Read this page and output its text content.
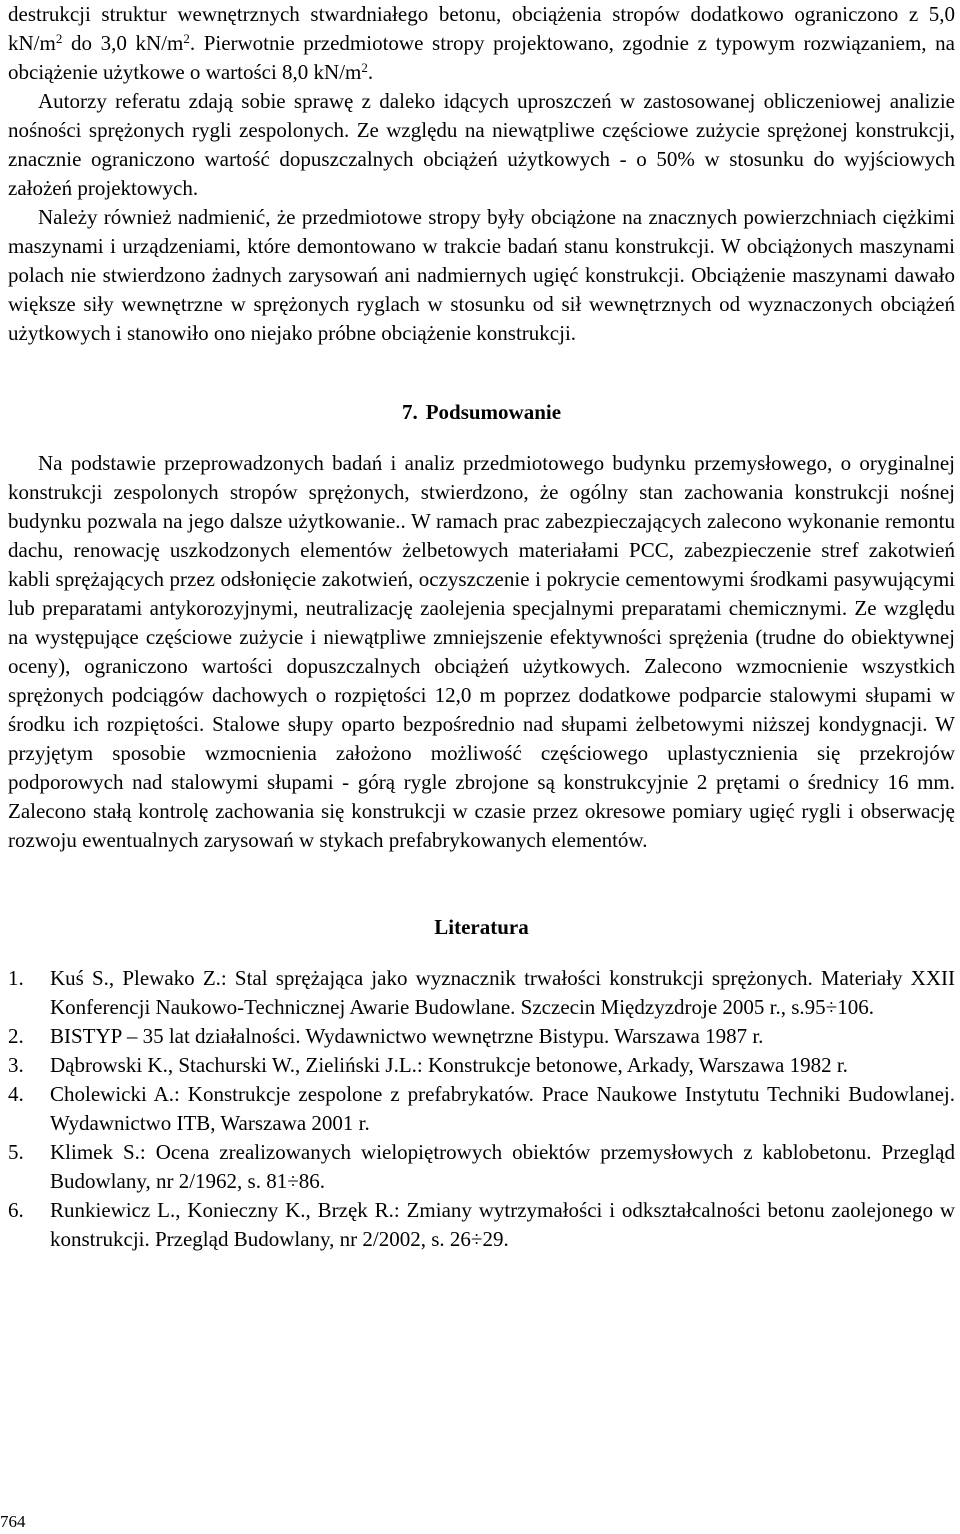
destrukcji struktur wewnętrznych stwardniałego betonu, obciążenia stropów dodatkowo ograniczono z 5,0 $kN/m^2$ do 3,0 $kN/m^2$. Pierwotnie przedmiotowe stropy projektowano, zgodnie z typowym rozwiązaniem, na obciążenie użytkowe o wartości 8,0 $kN/m^2$.

Autorzy referatu zdają sobie sprawę z daleko idących uproszczeń w zastosowanej obliczeniowej analizie nośności sprężonych rygli zespolonych. Ze względu na niewątpliwe częściowe zużycie sprężonej konstrukcji, znacznie ograniczono wartość dopuszczalnych obciążeń użytkowych - o 50% w stosunku do wyjściowych założeń projektowych.

Należy również nadmienić, że przedmiotowe stropy były obciążone na znacznych powierzchniach ciężkimi maszynami i urządzeniami, które demontowano w trakcie badań stanu konstrukcji. W obciążonych maszynami polach nie stwierdzono żadnych zarysowań ani nadmiernych ugięć konstrukcji. Obciążenie maszynami dawało większe siły wewnętrzne w sprężonych ryglach w stosunku od sił wewnętrznych od wyznaczonych obciążeń użytkowych i stanowiło ono niejako próbne obciążenie konstrukcji.

7. Podsumowanie

Na podstawie przeprowadzonych badań i analiz przedmiotowego budynku przemysłowego, o oryginalnej konstrukcji zespolonych stropów sprężonych, stwierdzono, że ogólny stan zachowania konstrukcji nośnej budynku pozwala na jego dalsze użytkowanie.. W ramach prac zabezpieczających zalecono wykonanie remontu dachu, renowację uszkodzonych elementów żelbetowych materiałami PCC, zabezpieczenie stref zakotwień kabli sprężających przez odsłonięcie zakotwień, oczyszczenie i pokrycie cementowymi środkami pasywującymi lub preparatami antykorozyjnymi, neutralizację zaolejenia specjalnymi preparatami chemicznymi. Ze względu na występujące częściowe zużycie i niewątpliwe zmniejszenie efektywności sprężenia (trudne do obiektywnej oceny), ograniczono wartości dopuszczalnych obciążeń użytkowych. Zalecono wzmocnienie wszystkich sprężonych podciągów dachowych o rozpiętości 12,0 m poprzez dodatkowe podparcie stalowymi słupami w środku ich rozpiętości. Stalowe słupy oparto bezpośrednio nad słupami żelbetowymi niższej kondygnacji. W przyjętym sposobie wzmocnienia założono możliwość częściowego uplastycznienia się przekrojów podporowych nad stalowymi słupami - górą rygle zbrojone są konstrukcyjnie 2 prętami o średnicy 16 mm. Zalecono stałą kontrolę zachowania się konstrukcji w czasie przez okresowe pomiary ugięć rygli i obserwację rozwoju ewentualnych zarysowań w stykach prefabrykowanych elementów.

Literatura
1. Kuś S., Plewako Z.: Stal sprężająca jako wyznacznik trwałości konstrukcji sprężonych. Materiały XXII Konferencji Naukowo-Technicznej Awarie Budowlane. Szczecin Międzyzdroje 2005 r., s.95÷106.
2. BISTYP – 35 lat działalności. Wydawnictwo wewnętrzne Bistypu. Warszawa 1987 r.
3. Dąbrowski K., Stachurski W., Zieliński J.L.: Konstrukcje betonowe, Arkady, Warszawa 1982 r.
4. Cholewicki A.: Konstrukcje zespolone z prefabrykatów. Prace Naukowe Instytutu Techniki Budowlanej. Wydawnictwo ITB, Warszawa 2001 r.
5. Klimek S.: Ocena zrealizowanych wielopiętrowych obiektów przemysłowych z kablobetonu. Przegląd Budowlany, nr 2/1962, s. 81÷86.
6. Runkiewicz L., Konieczny K., Brzęk R.: Zmiany wytrzymałości i odkształcalności betonu zaolejonego w konstrukcji. Przegląd Budowlany, nr 2/2002, s. 26÷29.
764
